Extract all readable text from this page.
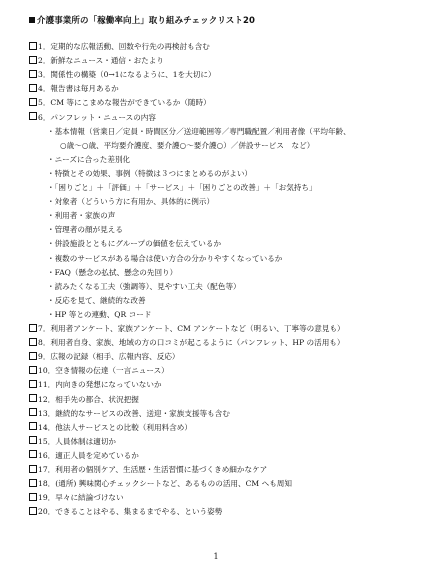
介護事業所の「稼働率向上」取り組みチェックリスト20
1．定期的な広報活動、回数や行先の再検討も含む
2．新鮮なニュース・通信・おたより
3．関係性の構築（0→1になるように、1を大切に）
4．報告書は毎月あるか
5．CM 等にこまめな報告ができているか（随時）
6．パンフレット・ニュースの内容
・基本情報（営業日／定員・時間区分／送迎範囲等／専門職配置／利用者像（平均年齢、
○歳～○歳、平均要介護度、要介護○～要介護○）／併設サービス　など）
・ニーズに合った差別化
・特徴とその効果、事例（特徴は３つにまとめるのがよい）
・「困りごと」＋「評価」＋「サービス」＋「困りごとの改善」＋「お気持ち」
・対象者（どういう方に有用か、具体的に例示）
・利用者・家族の声
・管理者の顔が見える
・併設施設とともにグループの価値を伝えているか
・複数のサービスがある場合は使い方合の分かりやすくなっているか
・FAQ（懸念の払拭、懸念の先回り）
・読みたくなる工夫（強調等）、見やすい工夫（配色等）
・反応を見て、継続的な改善
・HP 等との連動、QR コード
7．利用者アンケート、家族アンケート、CM アンケートなど（明るい、丁寧等の意見も）
8．利用者自身、家族、地域の方の口コミが起こるように（パンフレット、HP の活用も）
9．広報の記録（相手、広報内容、反応）
10．空き情報の伝達（一言ニュース）
11．内向きの発想になっていないか
12．相手先の都合、状況把握
13．継続的なサービスの改善、送迎・家族支援等も含む
14．他法人サービスとの比較（利用料含め）
15．人員体制は適切か
16．適正人員を定めているか
17．利用者の個別ケア、生活歴・生活習慣に基づくきめ細かなケア
18．(通所) 興味関心チェックシートなど、あるものの活用、CM へも周知
19．早々に結論づけない
20．できることはやる、集まるまでやる、という姿勢
1
